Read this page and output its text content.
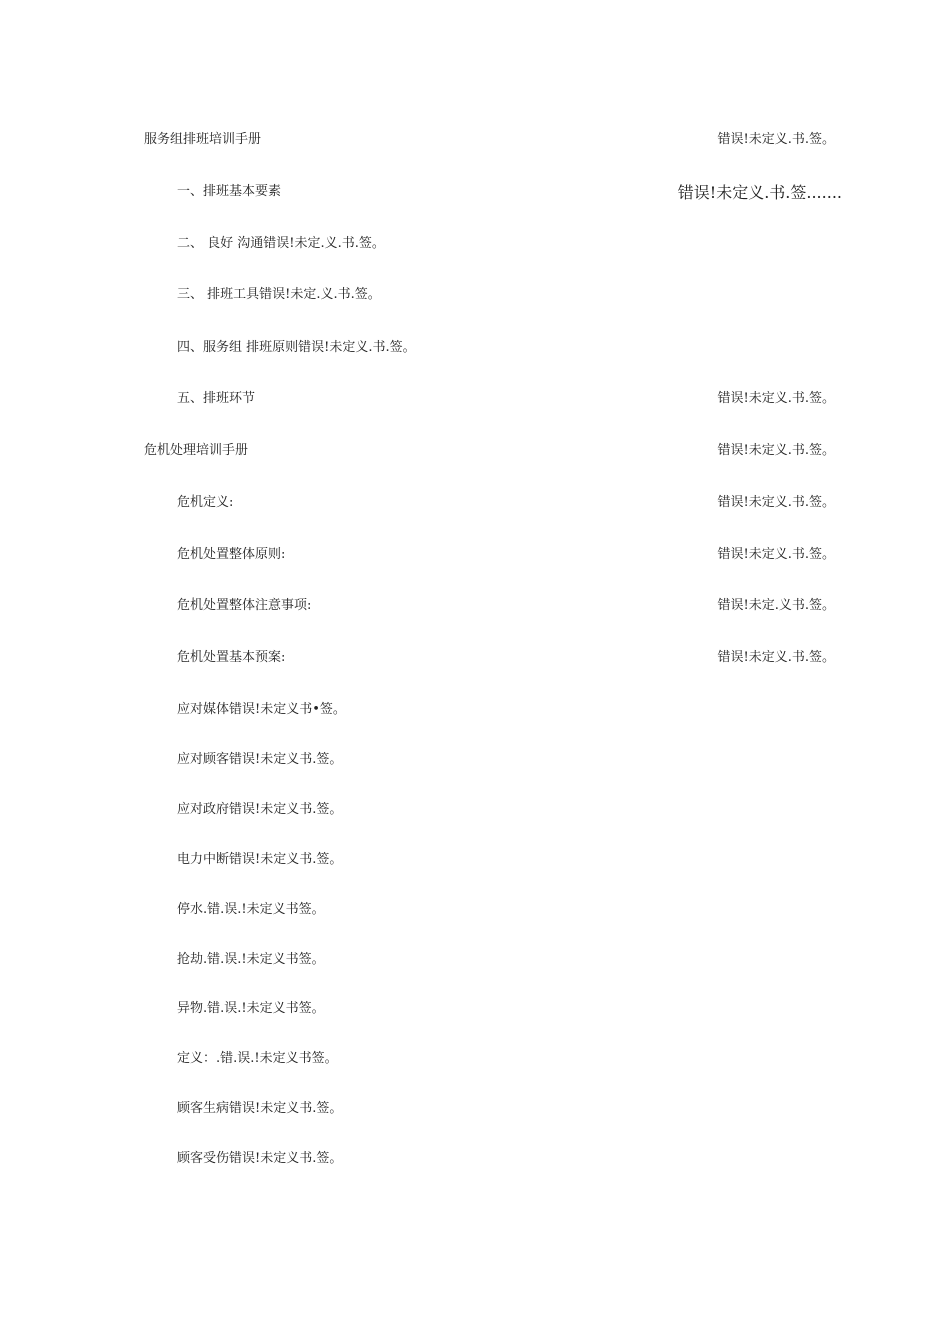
服务组排班培训手册	错误!未定义.书.签。
一、排班基本要素	错误!未定义.书.签.......
二、 良好 沟通错误!未定.义.书.签。
三、 排班工具错误!未定.义.书.签。
四、服务组 排班原则错误!未定义.书.签。
五、排班环节	错误!未定义.书.签。
危机处理培训手册	错误!未定义.书.签。
危机定义:	错误!未定义.书.签。
危机处置整体原则:	错误!未定义.书.签。
危机处置整体注意事项:	错误!未定.义书.签。
危机处置基本预案:	错误!未定义.书.签。
应对媒体错误!未定义书•签。
应对顾客错误!未定义书.签。
应对政府错误!未定义书.签。
电力中断错误!未定义书.签。
停水.错.误.!未定义书签。
抢劫.错.误.!未定义书签。
异物.错.误.!未定义书签。
定义：.错.误.!未定义书签。
顾客生病错误!未定义书.签。
顾客受伤错误!未定义书.签。
